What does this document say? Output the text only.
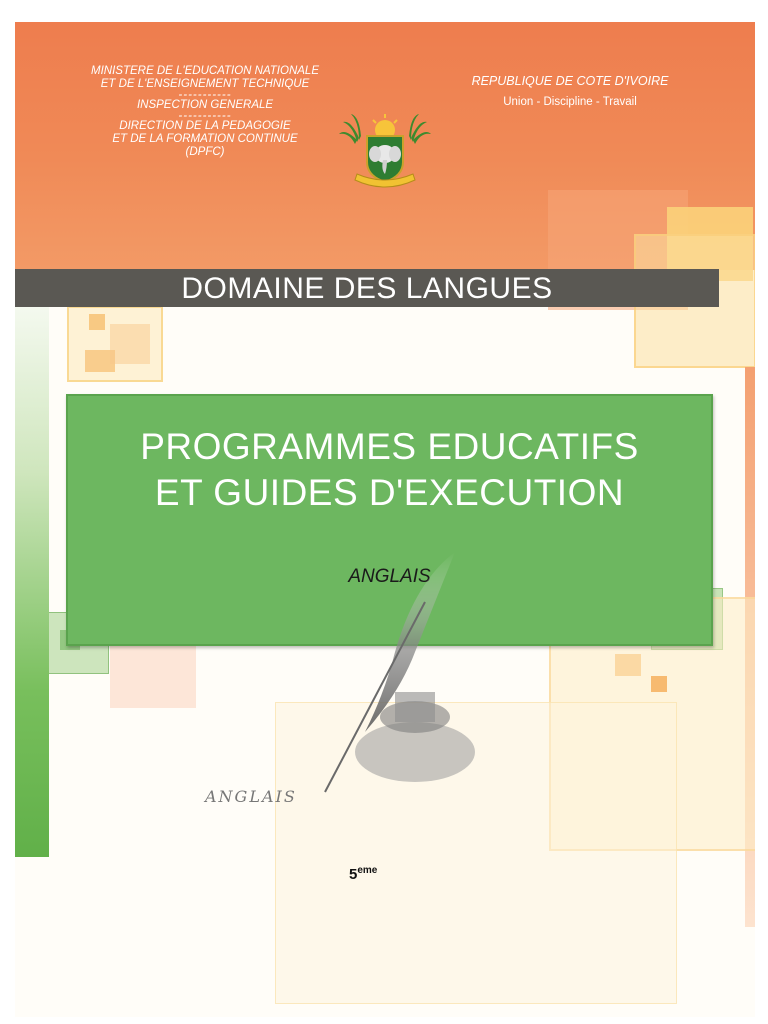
MINISTERE DE L'EDUCATION NATIONALE
ET DE L'ENSEIGNEMENT TECHNIQUE
-----------
INSPECTION GENERALE
-----------
DIRECTION DE LA PEDAGOGIE
ET DE LA FORMATION CONTINUE
(DPFC)
REPUBLIQUE DE COTE D'IVOIRE
Union - Discipline - Travail
DOMAINE DES LANGUES
PROGRAMMES EDUCATIFS
ET GUIDES D'EXECUTION
ANGLAIS
ANGLAIS
5eme
